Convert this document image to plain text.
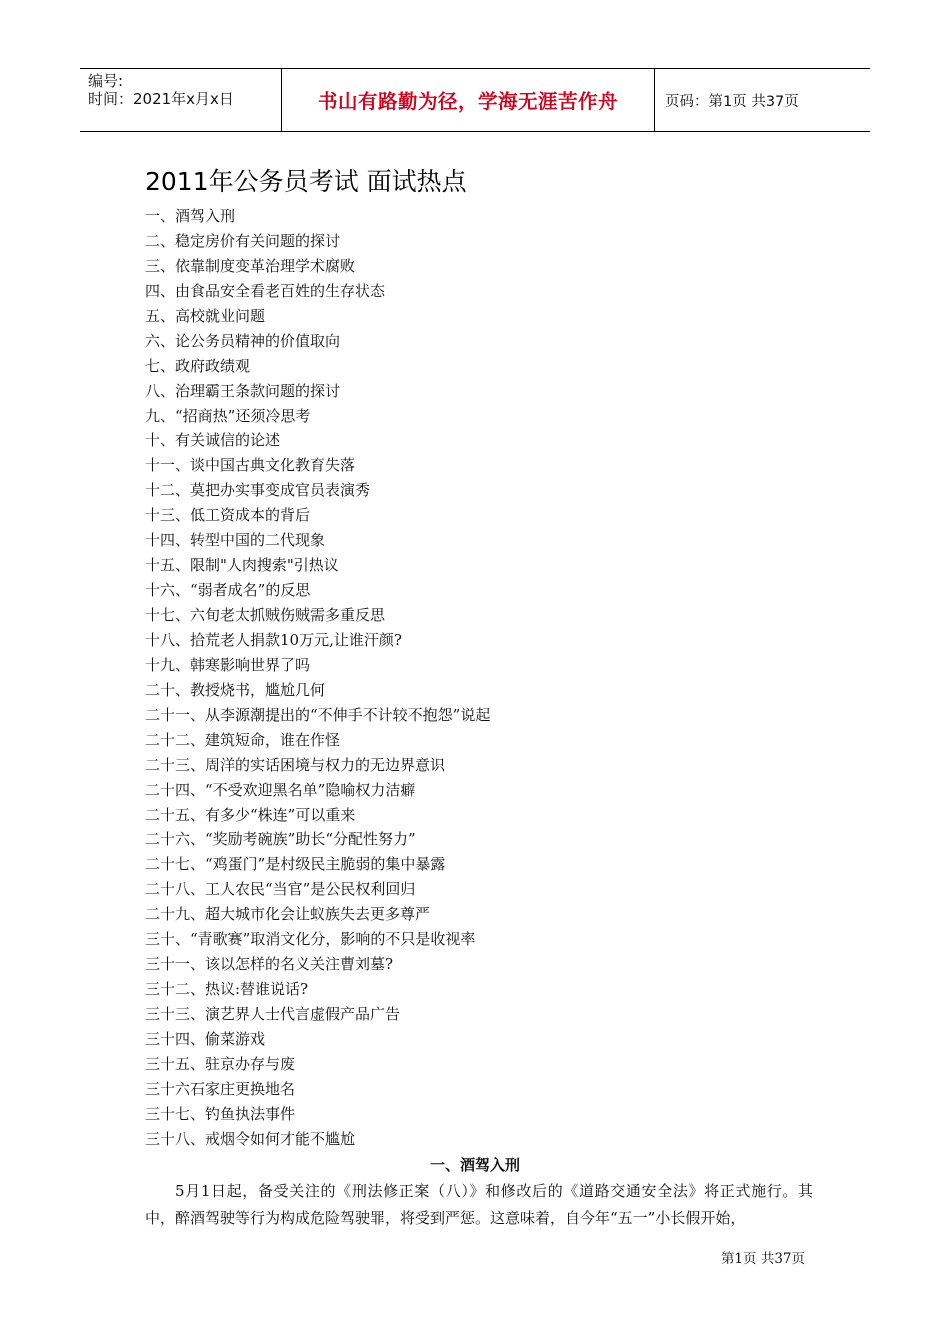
编号:
时间：2021年x月x日	书山有路勤为径，学海无涯苦作舟	页码：第1页 共37页
2011年公务员考试 面试热点
一、酒驾入刑
二、稳定房价有关问题的探讨
三、依靠制度变革治理学术腐败
四、由食品安全看老百姓的生存状态
五、高校就业问题
六、论公务员精神的价值取向
七、政府政绩观
八、治理霸王条款问题的探讨
九、“招商热”还须冷思考
十、有关诚信的论述
十一、谈中国古典文化教育失落
十二、莫把办实事变成官员表演秀
十三、低工资成本的背后
十四、转型中国的二代现象
十五、限制"人肉搜索"引热议
十六、“弱者成名”的反思
十七、六旬老太抓贼伤贼需多重反思
十八、拾荒老人捐款10万元,让谁汗颜?
十九、韩寒影响世界了吗
二十、教授烧书，尴尬几何
二十一、从李源潮提出的“不伸手不计较不抱怨”说起
二十二、建筑短命，谁在作怪
二十三、周洋的实话困境与权力的无边界意识
二十四、“不受欢迎黑名单”隐喻权力洁癖
二十五、有多少“株连”可以重来
二十六、“奖励考碗族”助长“分配性努力”
二十七、“鸡蛋门”是村级民主脆弱的集中暴露
二十八、工人农民“当官”是公民权利回归
二十九、超大城市化会让蚁族失去更多尊严
三十、“青歌赛”取消文化分，影响的不只是收视率
三十一、该以怎样的名义关注曹刘墓?
三十二、热议:替谁说话?
三十三、演艺界人士代言虚假产品广告
三十四、偷菜游戏
三十五、驻京办存与废
三十六石家庄更换地名
三十七、钓鱼执法事件
三十八、戒烟令如何才能不尴尬
一、酒驾入刑

5月1日起，备受关注的《刑法修正案（八）》和修改后的《道路交通安全法》将正式施行。其中，醉酒驾驶等行为构成危险驾驶罪，将受到严惩。这意味着，自今年“五一”小长假开始，

第1页 共37页
